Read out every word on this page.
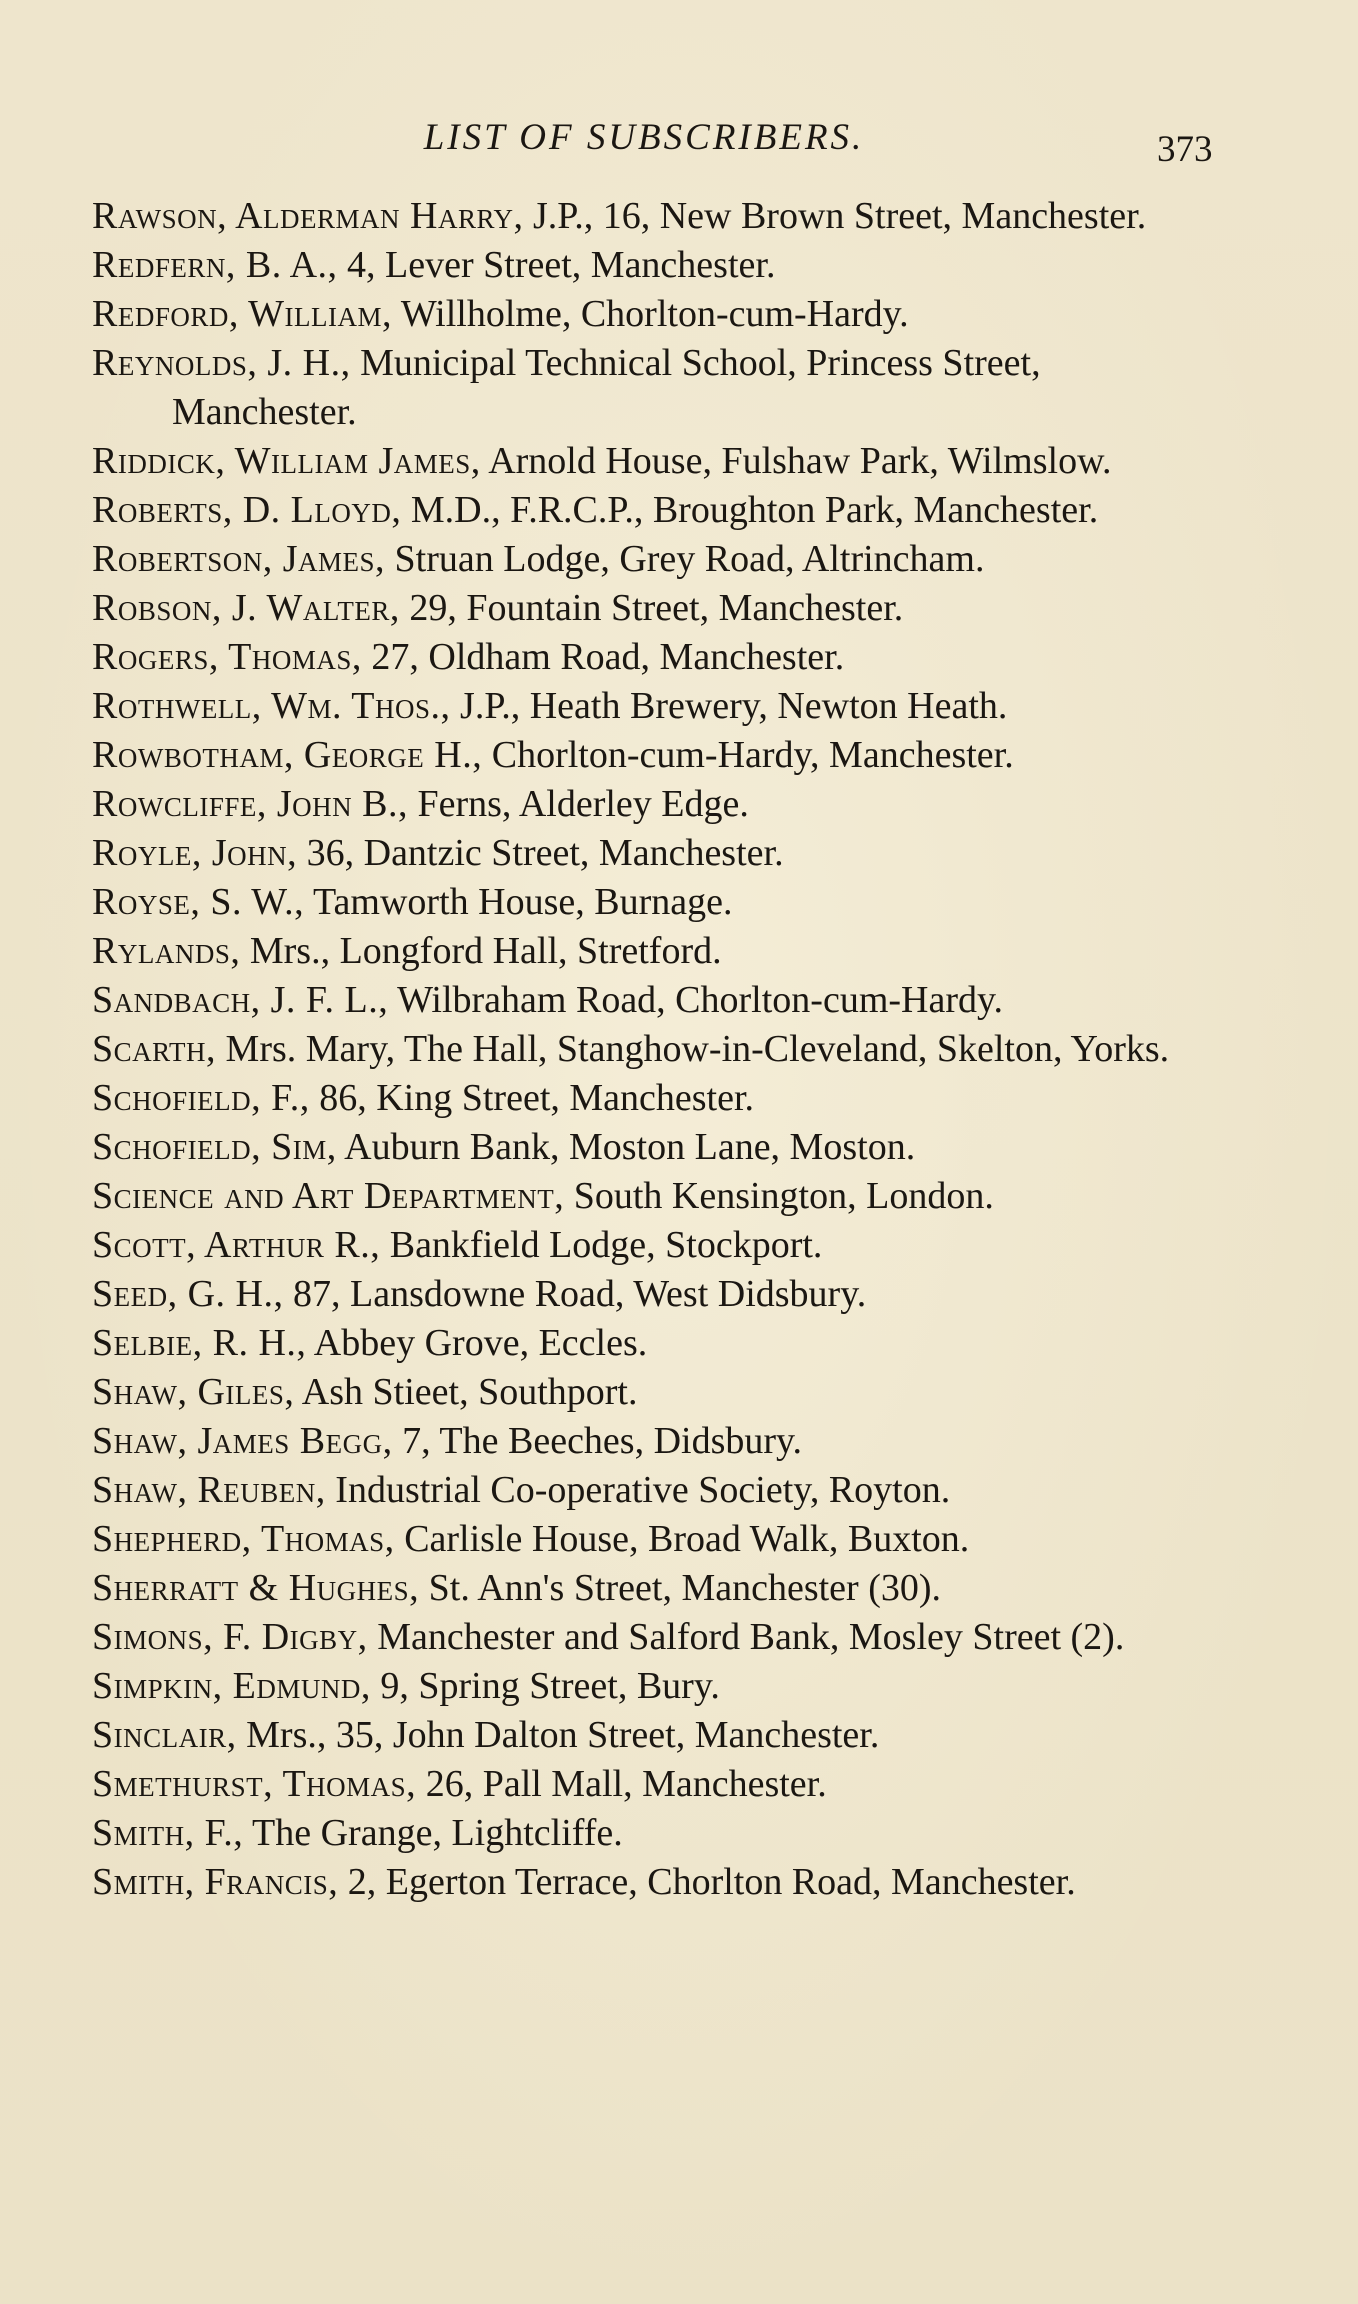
LIST OF SUBSCRIBERS.	373
Rawson, Alderman Harry, J.P., 16, New Brown Street, Manchester.
Redfern, B. A., 4, Lever Street, Manchester.
Redford, William, Willholme, Chorlton-cum-Hardy.
Reynolds, J. H., Municipal Technical School, Princess Street, Manchester.
Riddick, William James, Arnold House, Fulshaw Park, Wilmslow.
Roberts, D. Lloyd, M.D., F.R.C.P., Broughton Park, Manchester.
Robertson, James, Struan Lodge, Grey Road, Altrincham.
Robson, J. Walter, 29, Fountain Street, Manchester.
Rogers, Thomas, 27, Oldham Road, Manchester.
Rothwell, Wm. Thos., J.P., Heath Brewery, Newton Heath.
Rowbotham, George H., Chorlton-cum-Hardy, Manchester.
Rowcliffe, John B., Ferns, Alderley Edge.
Royle, John, 36, Dantzic Street, Manchester.
Royse, S. W., Tamworth House, Burnage.
Rylands, Mrs., Longford Hall, Stretford.
Sandbach, J. F. L., Wilbraham Road, Chorlton-cum-Hardy.
Scarth, Mrs. Mary, The Hall, Stanghow-in-Cleveland, Skelton, Yorks.
Schofield, F., 86, King Street, Manchester.
Schofield, Sim, Auburn Bank, Moston Lane, Moston.
Science and Art Department, South Kensington, London.
Scott, Arthur R., Bankfield Lodge, Stockport.
Seed, G. H., 87, Lansdowne Road, West Didsbury.
Selbie, R. H., Abbey Grove, Eccles.
Shaw, Giles, Ash Stieet, Southport.
Shaw, James Begg, 7, The Beeches, Didsbury.
Shaw, Reuben, Industrial Co-operative Society, Royton.
Shepherd, Thomas, Carlisle House, Broad Walk, Buxton.
Sherratt & Hughes, St. Ann's Street, Manchester (30).
Simons, F. Digby, Manchester and Salford Bank, Mosley Street (2).
Simpkin, Edmund, 9, Spring Street, Bury.
Sinclair, Mrs., 35, John Dalton Street, Manchester.
Smethurst, Thomas, 26, Pall Mall, Manchester.
Smith, F., The Grange, Lightcliffe.
Smith, Francis, 2, Egerton Terrace, Chorlton Road, Manchester.
